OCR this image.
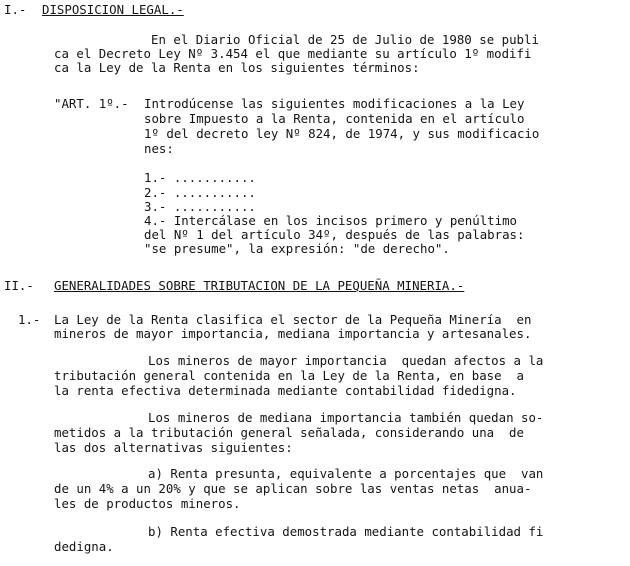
I.- DISPOSICION LEGAL.-
En el Diario Oficial de 25 de Julio de 1980 se publi
ca el Decreto Ley Nº 3.454 el que mediante su artículo 1º modifi
ca la Ley de la Renta en los siguientes términos:
"ART. 1º.- Introdúcense las siguientes modificaciones a la Ley
sobre Impuesto a la Renta, contenida en el artículo
1º del decreto ley Nº 824, de 1974, y sus modificacio
nes:
1.- ...........
2.- ...........
3.- ...........
4.- Intercálase en los incisos primero y penúltimo
del Nº 1 del artículo 34º, después de las palabras:
"se presume", la expresión: "de derecho".
II.- GENERALIDADES SOBRE TRIBUTACION DE LA PEQUEÑA MINERIA.-
1.- La Ley de la Renta clasifica el sector de la Pequeña Minería  en
mineros de mayor importancia, mediana importancia y artesanales.
Los mineros de mayor importancia  quedan afectos a la
tributación general contenida en la Ley de la Renta, en base  a
la renta efectiva determinada mediante contabilidad fidedigna.
Los mineros de mediana importancia también quedan so-
metidos a la tributación general señalada, considerando una  de
las dos alternativas siguientes:
a) Renta presunta, equivalente a porcentajes que  van
de un 4% a un 20% y que se aplican sobre las ventas netas  anua-
les de productos mineros.
b) Renta efectiva demostrada mediante contabilidad fi
dedigna.
